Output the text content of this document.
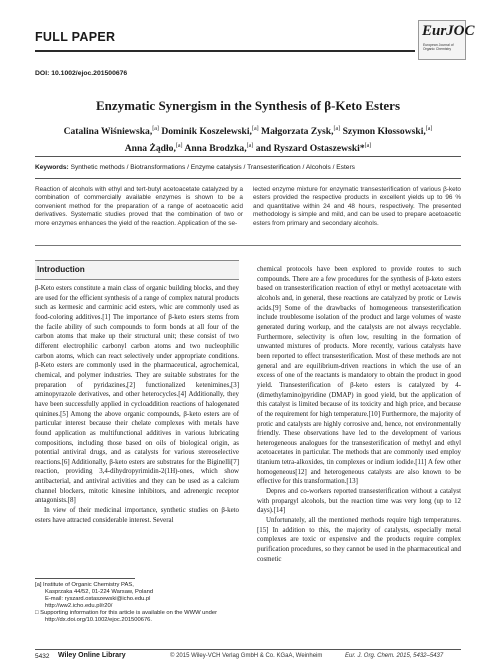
FULL PAPER	EurJOC
European Journal of Organic Chemistry
DOI: 10.1002/ejoc.201500676
Enzymatic Synergism in the Synthesis of β-Keto Esters
Catalina Wiśniewska,[a] Dominik Koszelewski,[a] Małgorzata Zysk,[a] Szymon Kłossowski,[a]
Anna Żądło,[a] Anna Brodzka,[a] and Ryszard Ostaszewski*[a]
Keywords: Synthetic methods / Biotransformations / Enzyme catalysis / Transesterification / Alcohols / Esters
Reaction of alcohols with ethyl and tert-butyl acetoacetate catalyzed by a combination of commercially available enzymes is shown to be a convenient method for the preparation of a range of acetoacetic acid derivatives. Systematic studies proved that the combination of two or more enzymes enhances the yield of the reaction. Application of the se-
lected enzyme mixture for enzymatic transesterification of various β-keto esters provided the respective products in excellent yields up to 96 % and quantitative within 24 and 48 hours, respectively. The presented methodology is simple and mild, and can be used to prepare acetoacetic esters from primary and secondary alcohols.
Introduction

β-Keto esters constitute a main class of organic building blocks, and they are used for the efficient synthesis of a range of complex natural products such as kermesic and carminic acid esters, whic are commonly used as food-coloring additives.[1] The importance of β-keto esters stems from the facile ability of such compounds to form bonds at all four of the carbon atoms that make up their structural unit; these consist of two different electrophilic carbonyl carbon atoms and two nucleophilic carbon atoms, which can react selectively under appropriate conditions. β-Keto esters are commonly used in the pharmaceutical, agrochemical, chemical, and polymer industries. They are suitable substrates for the preparation of pyridazines,[2] functionalized ketenimines,[3] aminopyrazole derivatives, and other heterocycles.[4] Additionally, they have been successfully applied in cycloaddition reactions of halogenated quinines.[5] Among the above organic compounds, β-keto esters are of particular interest because their chelate complexes with metals have found application as multifunctional additives in various lubricating compositions, including those based on oils of biological origin, as potential antiviral drugs, and as catalysts for various stereoselective reactions.[6] Additionally, β-keto esters are substrates for the Biginelli[7] reaction, providing 3,4-dihydropyrimidin-2(1H)-ones, which show antibacterial, and antiviral activities and they can be used as a calcium channel blockers, mitotic kinesine inhibitors, and adrenergic receptor antagonists.[8]

In view of their medicinal importance, synthetic studies on β-keto esters have attracted considerable interest. Several

chemical protocols have been explored to provide routes to such compounds. There are a few procedures for the synthesis of β-keto esters based on transesterification reaction of ethyl or methyl acetoacetate with alcohols and, in general, these reactions are catalyzed by protic or Lewis acids.[9] Some of the drawbacks of homogeneous transesterification include troublesome isolation of the product and large volumes of waste generated during workup, and the catalysts are not always recyclable. Furthermore, selectivity is often low, resulting in the formation of unwanted mixtures of products. More recently, various catalysts have been reported to effect transesterification. Most of these methods are not general and are equilibrium-driven reactions in which the use of an excess of one of the reactants is mandatory to obtain the product in good yield. Transesterification of β-keto esters is catalyzed by 4-(dimethylamino)pyridine (DMAP) in good yield, but the application of this catalyst is limited because of its toxicity and high price, and because of the requirement for high temperature.[10] Furthermore, the majority of protic and catalysts are highly corrosive and, hence, not environmentally friendly. These observations have led to the development of various heterogeneous analogues for the transesterification of methyl and ethyl acetoacetates in particular. The methods that are commonly used employ titanium tetra-alkoxides, tin complexes or indium iodide.[11] A few other homogeneous[12] and heterogeneous catalysts are also known to be effective for this transformation.[13]

Depres and co-workers reported transesterification without a catalyst with propargyl alcohols, but the reaction time was very long (up to 12 days).[14]

Unfortunately, all the mentioned methods require high temperatures.[15] In addition to this, the majority of catalysts, especially metal complexes are toxic or expensive and the products require complex purification procedures, so they cannot be used in the pharmaceutical and cosmetic

[a] Institute of Organic Chemistry PAS,
Kasprzaka 44/52, 01-224 Warsaw, Poland
E-mail: ryszard.ostaszewski@icho.edu.pl
http://ww2.icho.edu.pl/r20/
□ Supporting information for this article is available on the WWW under http://dx.doi.org/10.1002/ejoc.201500676.
5432 Wiley Online Library	© 2015 Wiley-VCH Verlag GmbH & Co. KGaA, Weinheim	Eur. J. Org. Chem. 2015, 5432–5437
